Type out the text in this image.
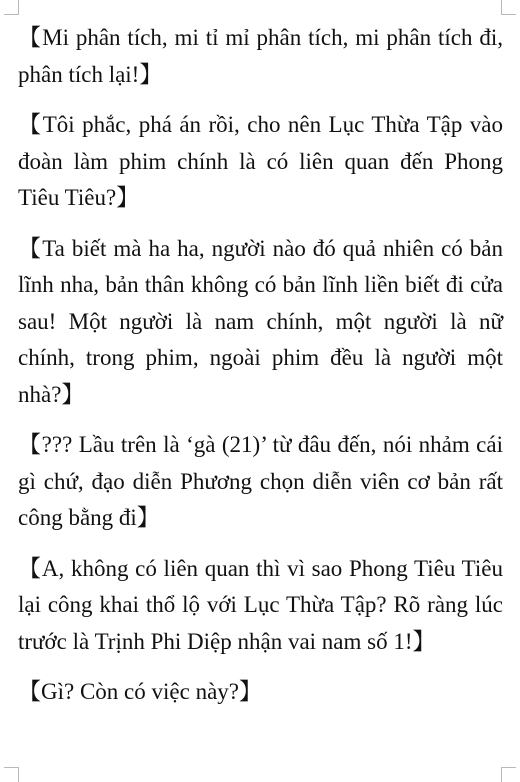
【Mi phân tích, mi tỉ mỉ phân tích, mi phân tích đi, phân tích lại!】

【Tôi phắc, phá án rồi, cho nên Lục Thừa Tập vào đoàn làm phim chính là có liên quan đến Phong Tiêu Tiêu?】

【Ta biết mà ha ha, người nào đó quả nhiên có bản lĩnh nha, bản thân không có bản lĩnh liền biết đi cửa sau! Một người là nam chính, một người là nữ chính, trong phim, ngoài phim đều là người một nhà?】

【??? Lầu trên là ‘gà (21)’ từ đâu đến, nói nhảm cái gì chứ, đạo diễn Phương chọn diễn viên cơ bản rất công bằng đi】

【A, không có liên quan thì vì sao Phong Tiêu Tiêu lại công khai thổ lộ với Lục Thừa Tập? Rõ ràng lúc trước là Trịnh Phi Diệp nhận vai nam số 1!】

【Gì? Còn có việc này?】
